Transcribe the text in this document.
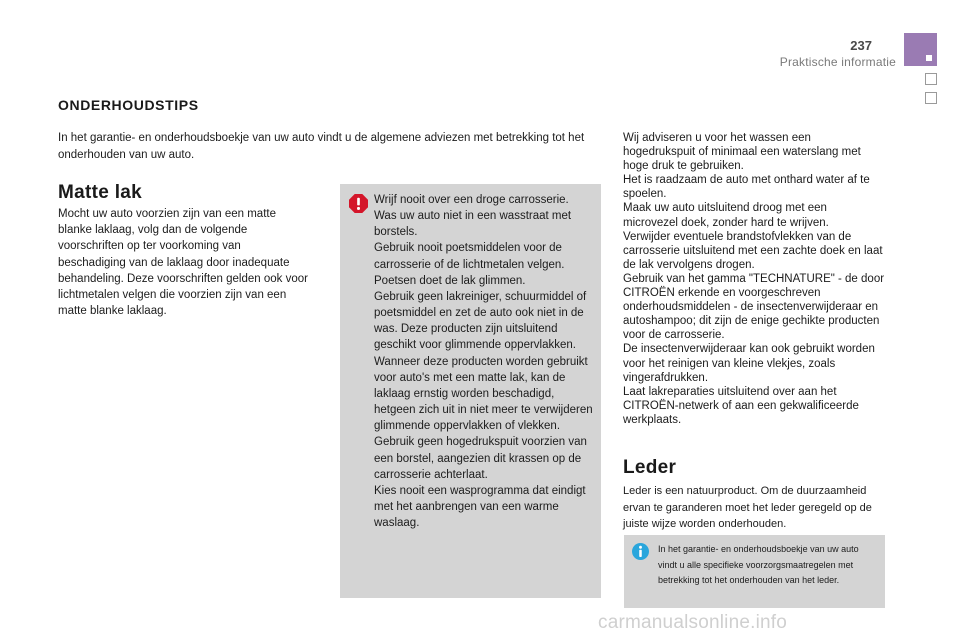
237
Praktische informatie
ONDERHOUDSTIPS
In het garantie- en onderhoudsboekje van uw auto vindt u de algemene adviezen met betrekking tot het onderhouden van uw auto.
Matte lak
Mocht uw auto voorzien zijn van een matte blanke laklaag, volg dan de volgende voorschriften op ter voorkoming van beschadiging van de laklaag door inadequate behandeling. Deze voorschriften gelden ook voor lichtmetalen velgen die voorzien zijn van een matte blanke laklaag.
Wrijf nooit over een droge carrosserie.
Was uw auto niet in een wasstraat met borstels.
Gebruik nooit poetsmiddelen voor de carrosserie of de lichtmetalen velgen. Poetsen doet de lak glimmen.
Gebruik geen lakreiniger, schuurmiddel of poetsmiddel en zet de auto ook niet in de was. Deze producten zijn uitsluitend geschikt voor glimmende oppervlakken. Wanneer deze producten worden gebruikt voor auto's met een matte lak, kan de laklaag ernstig worden beschadigd, hetgeen zich uit in niet meer te verwijderen glimmende oppervlakken of vlekken.
Gebruik geen hogedrukspuit voorzien van een borstel, aangezien dit krassen op de carrosserie achterlaat.
Kies nooit een wasprogramma dat eindigt met het aanbrengen van een warme waslaag.
Wij adviseren u voor het wassen een hogedrukspuit of minimaal een waterslang met hoge druk te gebruiken.
Het is raadzaam de auto met onthard water af te spoelen.
Maak uw auto uitsluitend droog met een microvezel doek, zonder hard te wrijven.
Verwijder eventuele brandstofvlekken van de carrosserie uitsluitend met een zachte doek en laat de lak vervolgens drogen.
Gebruik van het gamma "TECHNATURE" - de door CITROËN erkende en voorgeschreven onderhoudsmiddelen - de insectenverwijderaar en autoshampoo; dit zijn de enige gechikte producten voor de carrosserie.
De insectenverwijderaar kan ook gebruikt worden voor het reinigen van kleine vlekjes, zoals vingerafdrukken.
Laat lakreparaties uitsluitend over aan het CITROËN-netwerk of aan een gekwalificeerde werkplaats.
Leder
Leder is een natuurproduct. Om de duurzaamheid ervan te garanderen moet het leder geregeld op de juiste wijze worden onderhouden.
In het garantie- en onderhoudsboekje van uw auto vindt u alle specifieke voorzorgsmaatregelen met betrekking tot het onderhouden van het leder.
carmanualsonline.info
